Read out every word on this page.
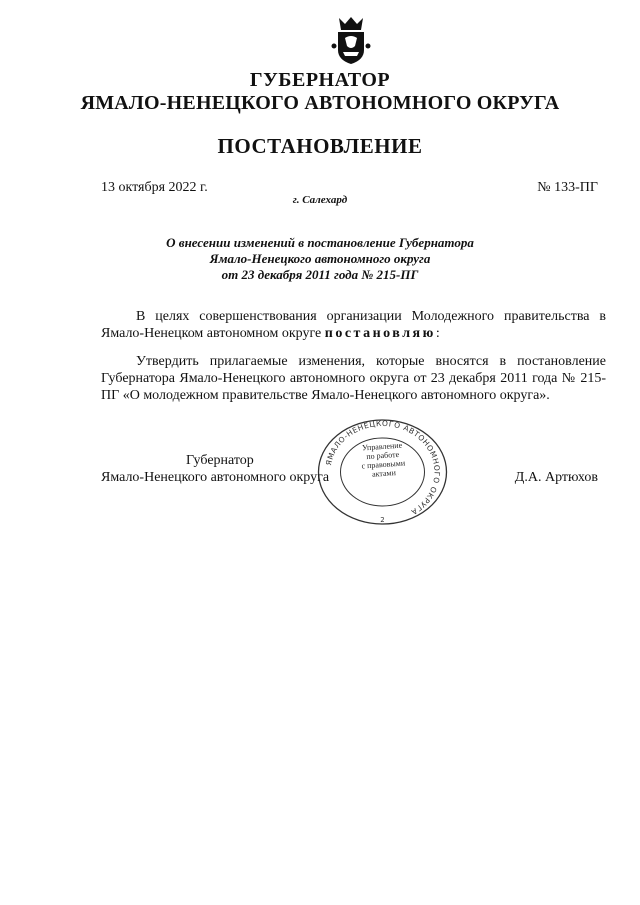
ГУБЕРНАТОР
ЯМАЛО-НЕНЕЦКОГО АВТОНОМНОГО ОКРУГА
ПОСТАНОВЛЕНИЕ
13 октября 2022 г.	№ 133-ПГ
г. Салехард
О внесении изменений в постановление Губернатора
Ямало-Ненецкого автономного округа
от 23 декабря 2011 года № 215-ПГ

В целях совершенствования организации Молодежного правительства в Ямало-Ненецком автономном округе постановляю:

Утвердить прилагаемые изменения, которые вносятся в постановление Губернатора Ямало-Ненецкого автономного округа от 23 декабря 2011 года № 215-ПГ «О молодежном правительстве Ямало-Ненецкого автономного округа».

ЯМАЛО-НЕНЕЦКОГО АВТОНОМНОГО ОКРУГА
2
Управление
по работе
с правовыми
актами
Губернатор
Ямало-Ненецкого автономного округа	Д.А. Артюхов
